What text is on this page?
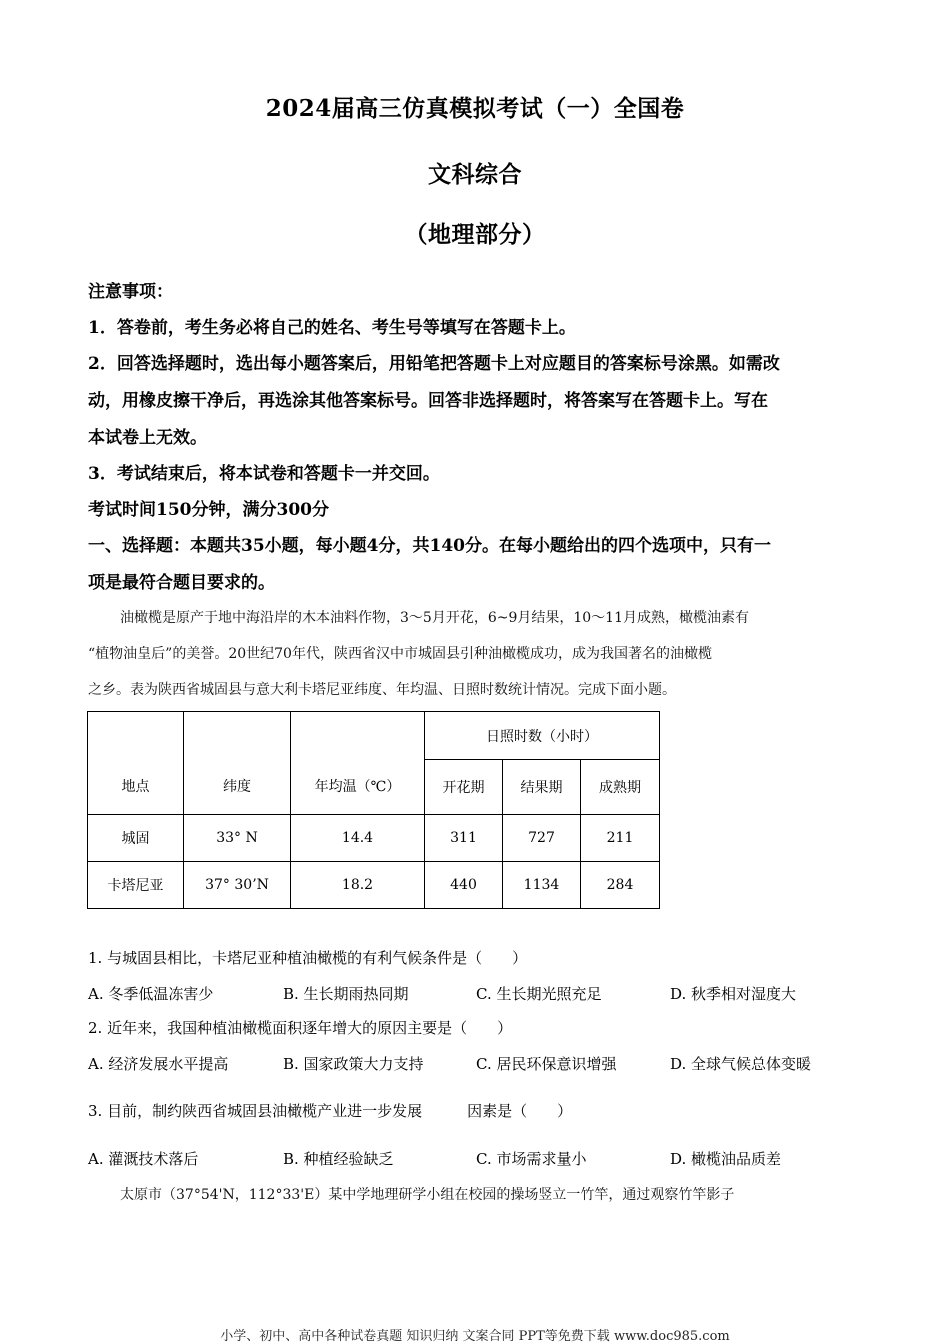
2024届高三仿真模拟考试（一）全国卷
文科综合
（地理部分）
注意事项：
1．答卷前，考生务必将自己的姓名、考生号等填写在答题卡上。
2．回答选择题时，选出每小题答案后，用铅笔把答题卡上对应题目的答案标号涂黑。如需改
动，用橡皮擦干净后，再选涂其他答案标号。回答非选择题时，将答案写在答题卡上。写在
本试卷上无效。
3．考试结束后，将本试卷和答题卡一并交回。
考试时间150分钟，满分300分
一、选择题：本题共35小题，每小题4分，共140分。在每小题给出的四个选项中，只有一
项是最符合题目要求的。
油橄榄是原产于地中海沿岸的木本油料作物，3～5月开花，6~9月结果，10～11月成熟，橄榄油素有
“植物油皇后”的美誉。20世纪70年代，陕西省汉中市城固县引种油橄榄成功，成为我国著名的油橄榄
之乡。表为陕西省城固县与意大利卡塔尼亚纬度、年均温、日照时数统计情况。完成下面小题。
地点	纬度	年均温（℃）	日照时数（小时）		
			开花期	结果期	成熟期
城固	33° N	14.4	311	727	211
卡塔尼亚	37° 30’N	18.2	440	1134	284
1. 与城固县相比，卡塔尼亚种植油橄榄的有利气候条件是（　　）
A. 冬季低温冻害少	B. 生长期雨热同期	C. 生长期光照充足	D. 秋季相对湿度大
2. 近年来，我国种植油橄榄面积逐年增大的原因主要是（　　）
A. 经济发展水平提高	B. 国家政策大力支持	C. 居民环保意识增强	D. 全球气候总体变暖
3. 目前，制约陕西省城固县油橄榄产业进一步发展　　　因素是（　　）
A. 灌溉技术落后	B. 种植经验缺乏	C. 市场需求量小	D. 橄榄油品质差
太原市（37°54'N，112°33'E）某中学地理研学小组在校园的操场竖立一竹竿，通过观察竹竿影子
小学、初中、高中各种试卷真题 知识归纳 文案合同 PPT等免费下载 www.doc985.com
